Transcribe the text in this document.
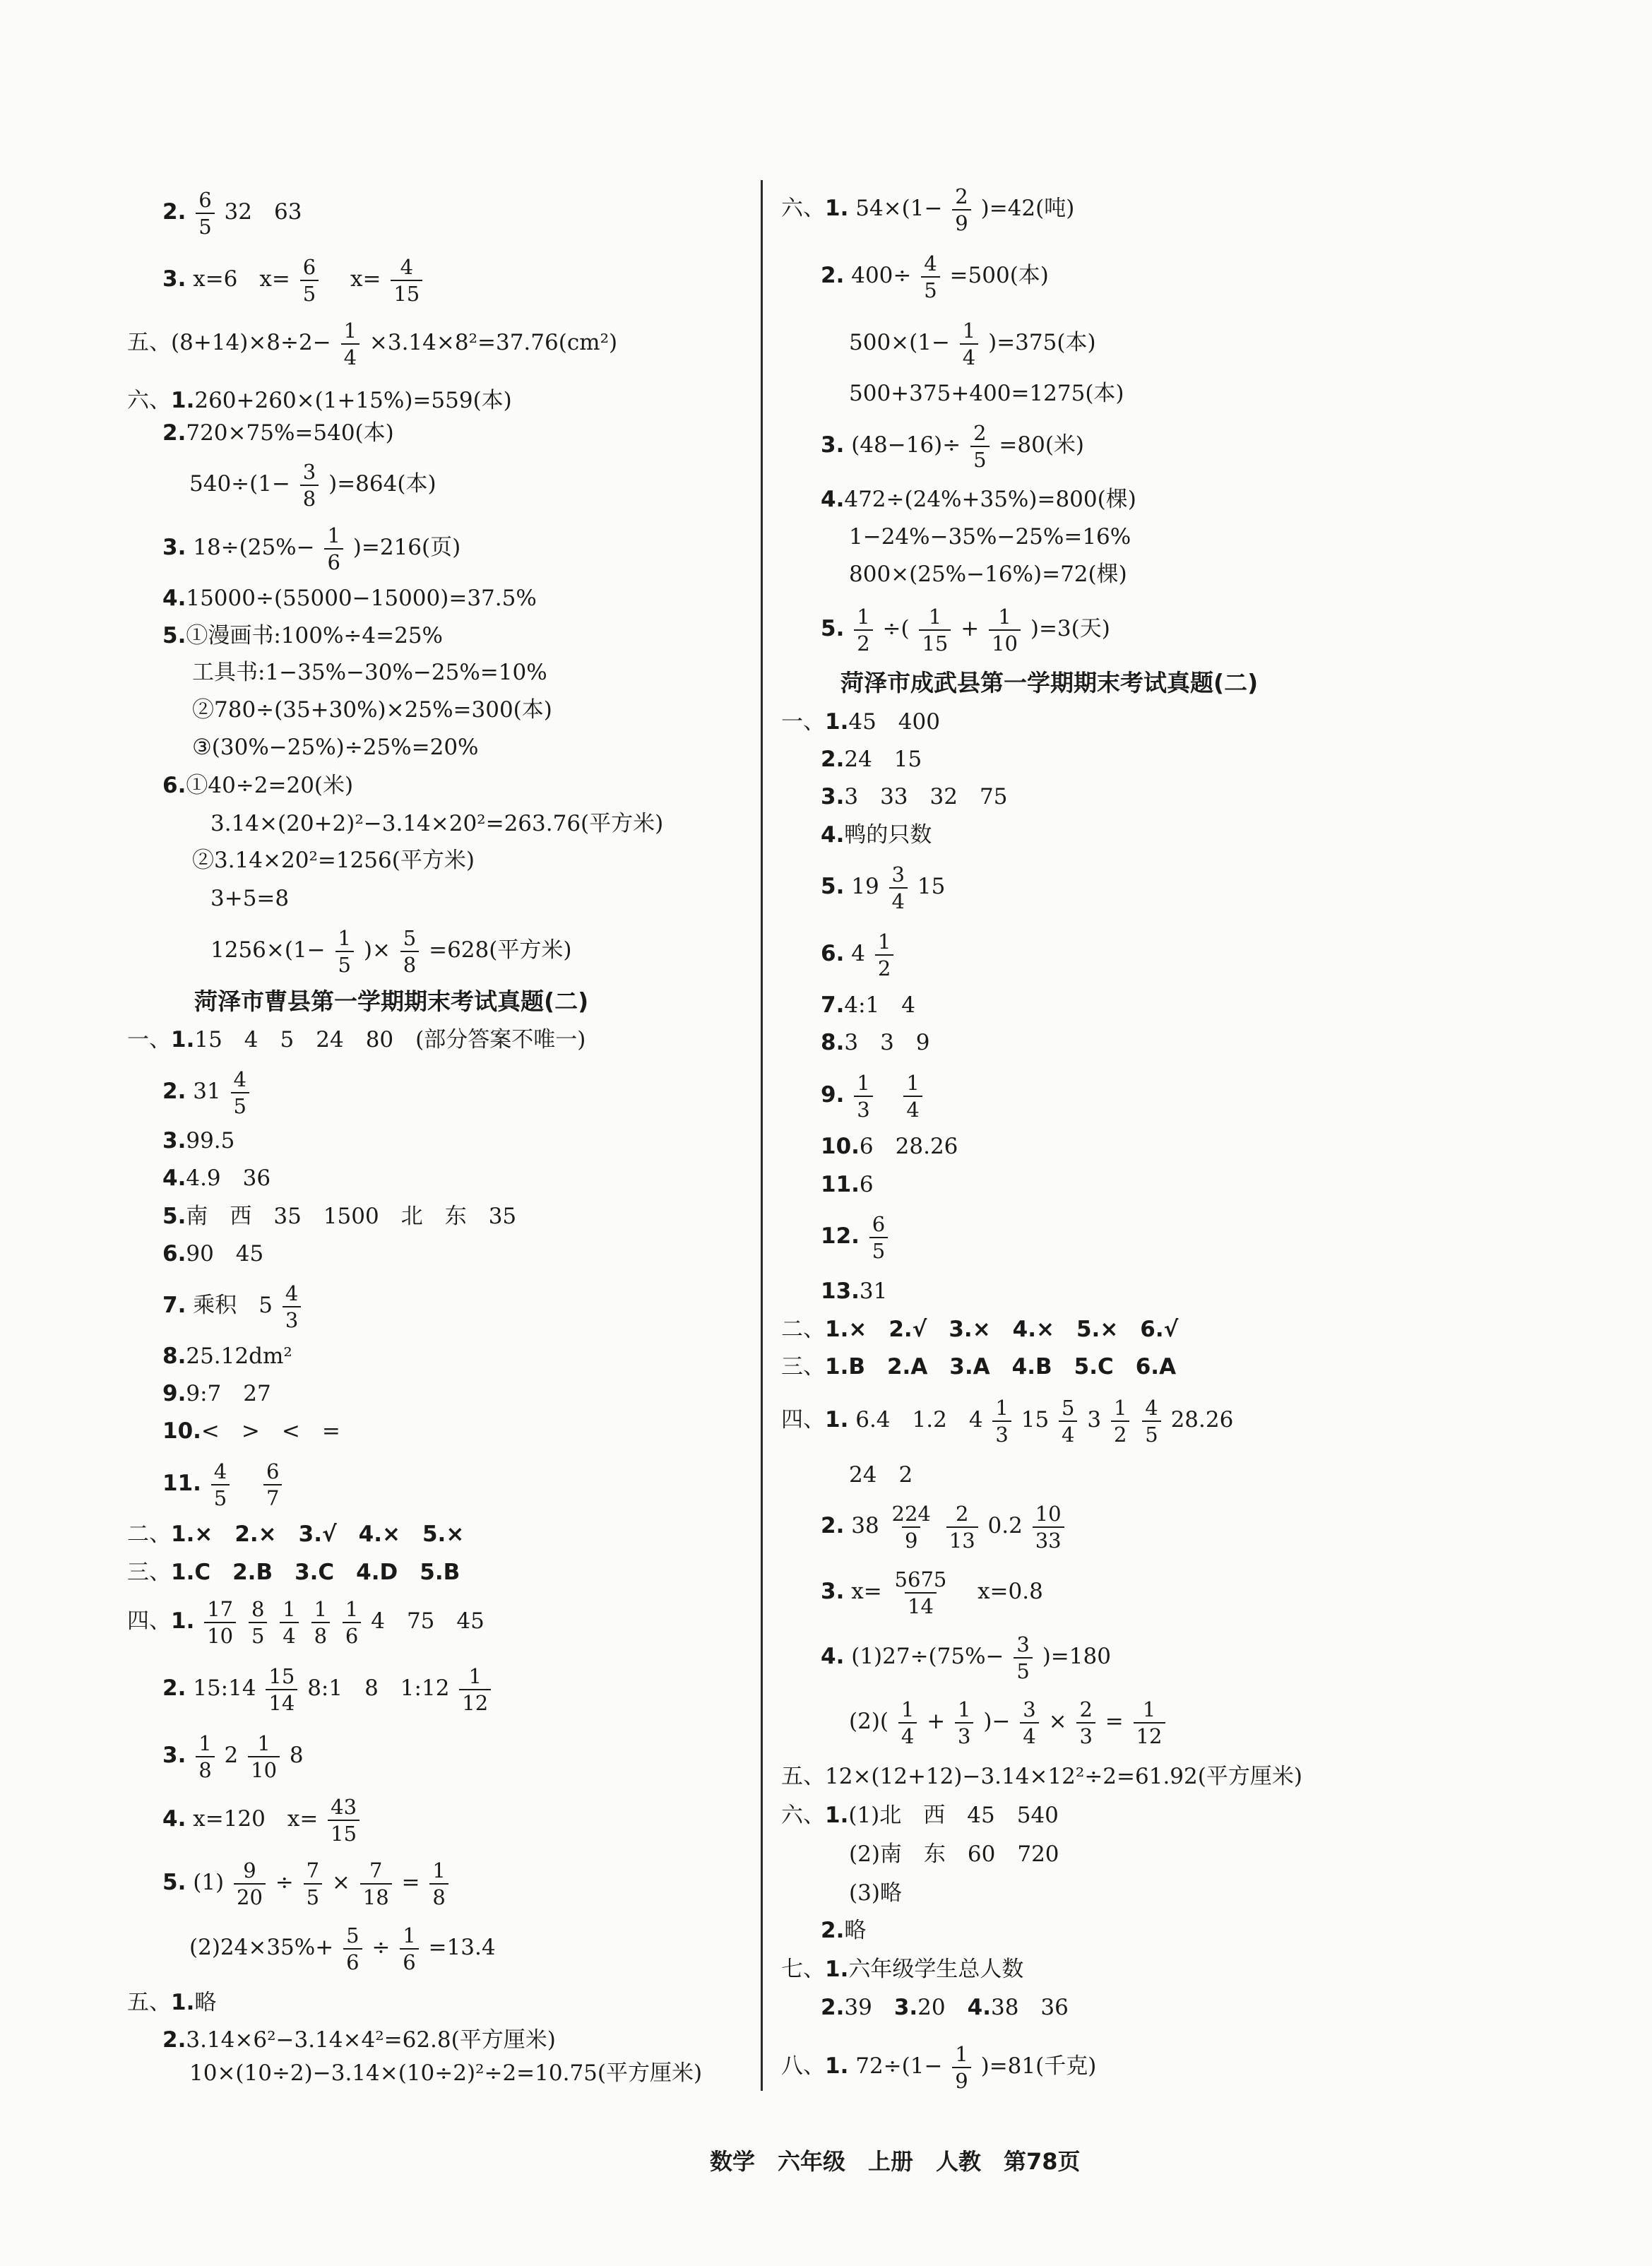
2. $\frac{6}{5} 32$　63
3. x=6　$x= \frac{6}{5}$ 　$x= \frac{4}{15}$
五、$(8+14)\times 8\div 2- \frac{1}{4} \times 3.14\times 8^2=37.76(cm^2)$
六、1.260+260×(1+15%)=559(本)
2.720×75%=540(本)
$540\div(1- \frac{3}{8} )=864$(本)
3. $18\div(25\%- \frac{1}{6} )=216$(页)
4.15000÷(55000−15000)=37.5%
5.①漫画书:100%÷4=25%
工具书:1−35%−30%−25%=10%
②780÷(35+30%)×25%=300(本)
③(30%−25%)÷25%=20%
6.①40÷2=20(米)
3.14×(20+2)²−3.14×20²=263.76(平方米)
②3.14×20²=1256(平方米)
3+5=8
$1256\times(1- \frac{1}{5}$ )× $\frac{5}{8} =628$(平方米)
菏泽市曹县第一学期期末考试真题(二)
一、1.15　4　5　24　80　(部分答案不唯一)
2. $31 \frac{4}{5}$
3.99.5
4.4.9　36
5.南　西　35　1500　北　东　35
6.90　45
7. 乘积　$5 \frac{4}{3}$
8.25.12dm²
9.9:7　27
10.<　>　<　=
11. $\frac{4}{5}$
$\frac{6}{7}$
二、1.×　2.×　3.√　4.×　5.×
三、1.C　2.B　3.C　4.D　5.B
四、1. $\frac{17}{10}$
$\frac{8}{5}$
$\frac{1}{4}$
$\frac{1}{8}$
$\frac{1}{6} 4$　75　45
2. 15:14 $\frac{15}{14}$ 8:1　8　1:12 $\frac{1}{12}$
3. $\frac{1}{8} 2 \frac{1}{10} 8$
4. x=120　$x= \frac{43}{15}$
5. $(1) \frac{9}{20} \div \frac{7}{5} \times \frac{7}{18} = \frac{1}{8}$
$(2)24\times 35\%+ \frac{5}{6} \div \frac{1}{6} =13.4$
五、1.略
2.3.14×6²−3.14×4²=62.8(平方厘米)
10×(10÷2)−3.14×(10÷2)²÷2=10.75(平方厘米)
六、1. $54\times(1- \frac{2}{9} )=42$(吨)
2. $400\div \frac{4}{5} =500$(本)
$500\times(1- \frac{1}{4} )=375$(本)
500+375+400=1275(本)
3. $(48-16)\div \frac{2}{5} =80$(米)
4.472÷(24%+35%)=800(棵)
1−24%−35%−25%=16%
800×(25%−16%)=72(棵)
5. $\frac{1}{2}$ ÷( $\frac{1}{15} + \frac{1}{10} )=3$(天)
菏泽市成武县第一学期期末考试真题(二)
一、1.45　400
2.24　15
3.3　33　32　75
4.鸭的只数
5. $19 \frac{3}{4} 15$
6. $4 \frac{1}{2}$
7.4:1　4
8.3　3　9
9. $\frac{1}{3}$
$\frac{1}{4}$
10.6　28.26
11.6
12. $\frac{6}{5}$
13.31
二、1.×　2.√　3.×　4.×　5.×　6.√
三、1.B　2.A　3.A　4.B　5.C　6.A
四、1. 6.4　1.2　$4 \frac{1}{3} 15 \frac{5}{4} 3 \frac{1}{2}$
$\frac{4}{5} 28.26$
24　2
2. $38 \frac{224}{9}$
$\frac{2}{13} 0.2 \frac{10}{33}$
3. $x= \frac{5675}{14} x=0.8$
4. $(1)27\div(75\%- \frac{3}{5} )=180$
$(2)( \frac{1}{4} + \frac{1}{3}$ )− $\frac{3}{4} \times \frac{2}{3} = \frac{1}{12}$
五、12×(12+12)−3.14×12²÷2=61.92(平方厘米)
六、1.(1)北　西　45　540
(2)南　东　60　720
(3)略
2.略
七、1.六年级学生总人数
2.39　3.20　4.38　36
八、1. $72\div(1- \frac{1}{9} )=81$(千克)
数学　六年级　上册　人教　第78页
